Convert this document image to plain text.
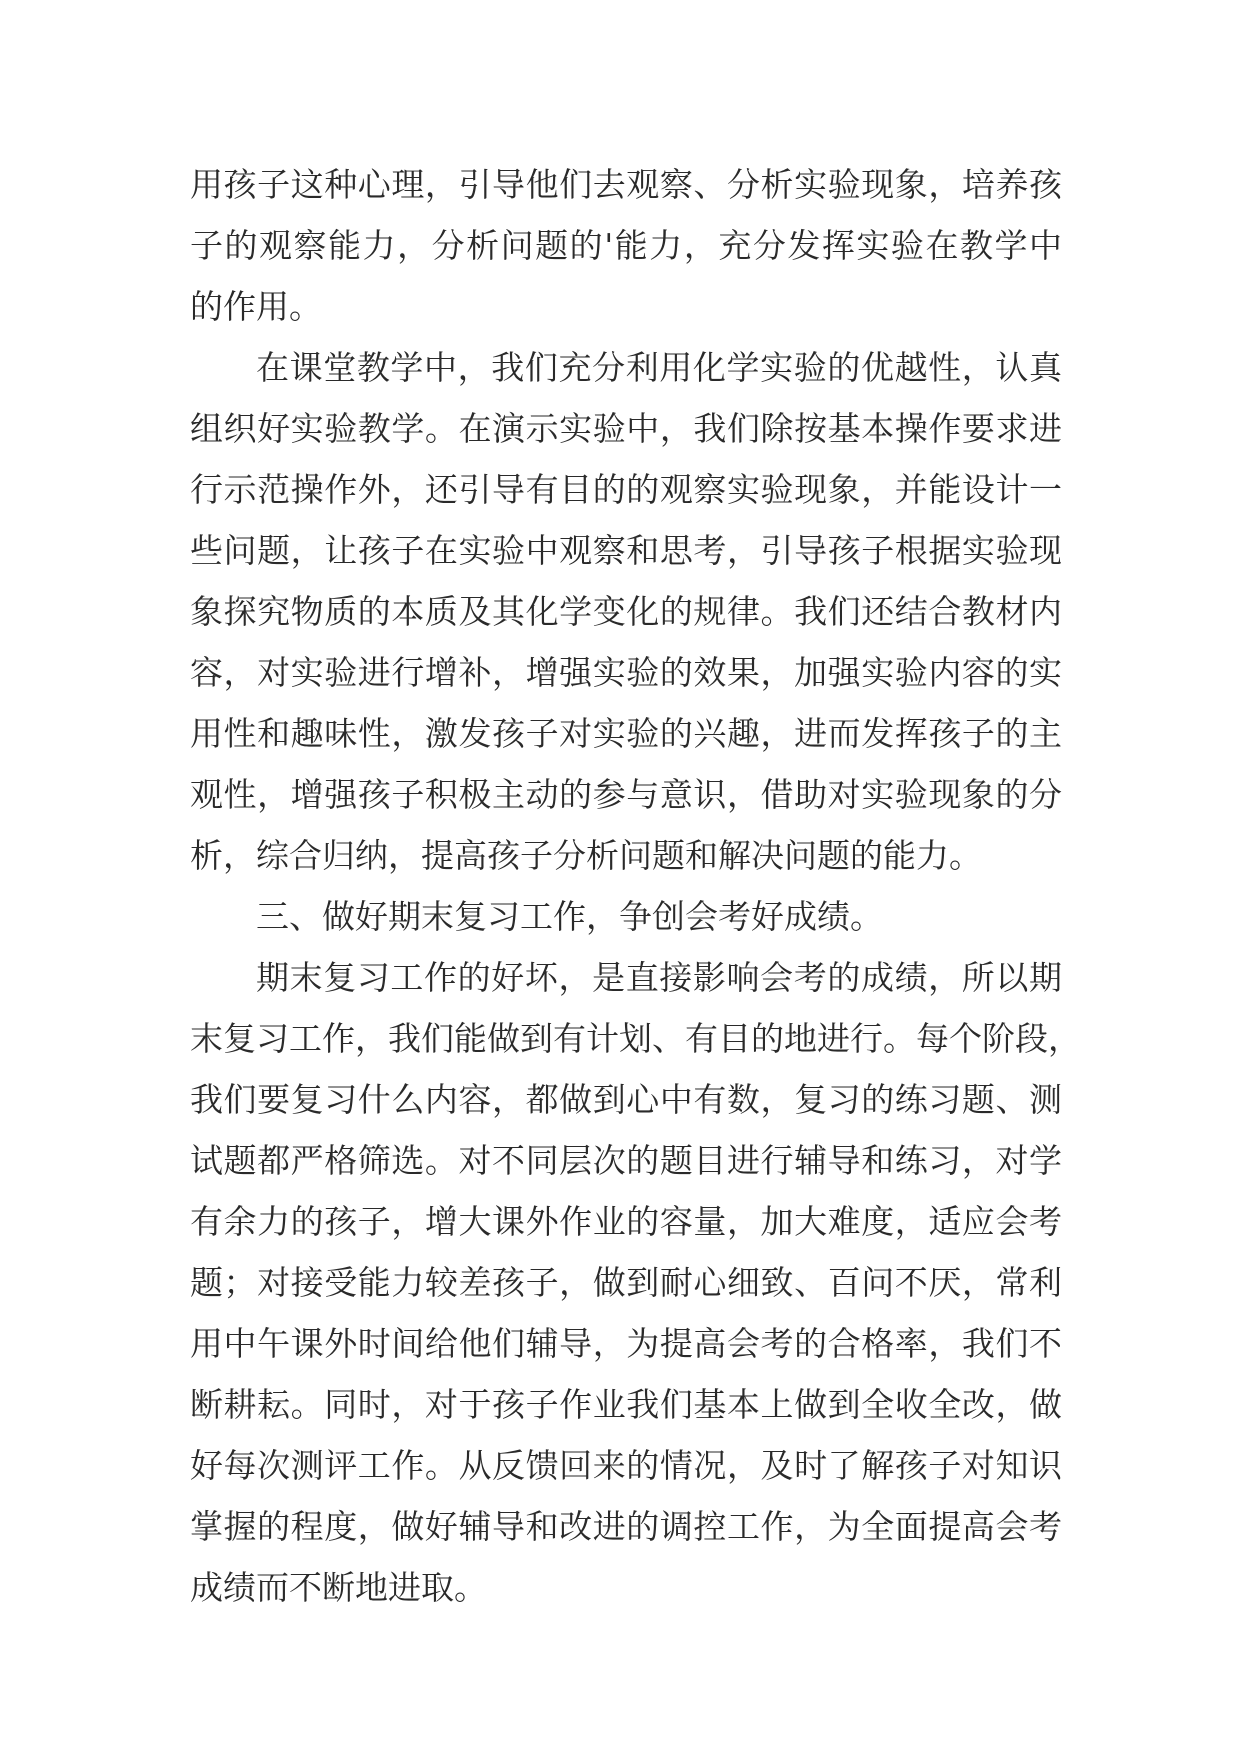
用孩子这种心理，引导他们去观察、分析实验现象，培养孩
子的观察能力，分析问题的'能力，充分发挥实验在教学中
的作用。
在课堂教学中，我们充分利用化学实验的优越性，认真
组织好实验教学。在演示实验中，我们除按基本操作要求进
行示范操作外，还引导有目的的观察实验现象，并能设计一
些问题，让孩子在实验中观察和思考，引导孩子根据实验现
象探究物质的本质及其化学变化的规律。我们还结合教材内
容，对实验进行增补，增强实验的效果，加强实验内容的实
用性和趣味性，激发孩子对实验的兴趣，进而发挥孩子的主
观性，增强孩子积极主动的参与意识，借助对实验现象的分
析，综合归纳，提高孩子分析问题和解决问题的能力。
三、做好期末复习工作，争创会考好成绩。
期末复习工作的好坏，是直接影响会考的成绩，所以期
末复习工作，我们能做到有计划、有目的地进行。每个阶段，
我们要复习什么内容，都做到心中有数，复习的练习题、测
试题都严格筛选。对不同层次的题目进行辅导和练习，对学
有余力的孩子，增大课外作业的容量，加大难度，适应会考
题；对接受能力较差孩子，做到耐心细致、百问不厌，常利
用中午课外时间给他们辅导，为提高会考的合格率，我们不
断耕耘。同时，对于孩子作业我们基本上做到全收全改，做
好每次测评工作。从反馈回来的情况，及时了解孩子对知识
掌握的程度，做好辅导和改进的调控工作，为全面提高会考
成绩而不断地进取。
